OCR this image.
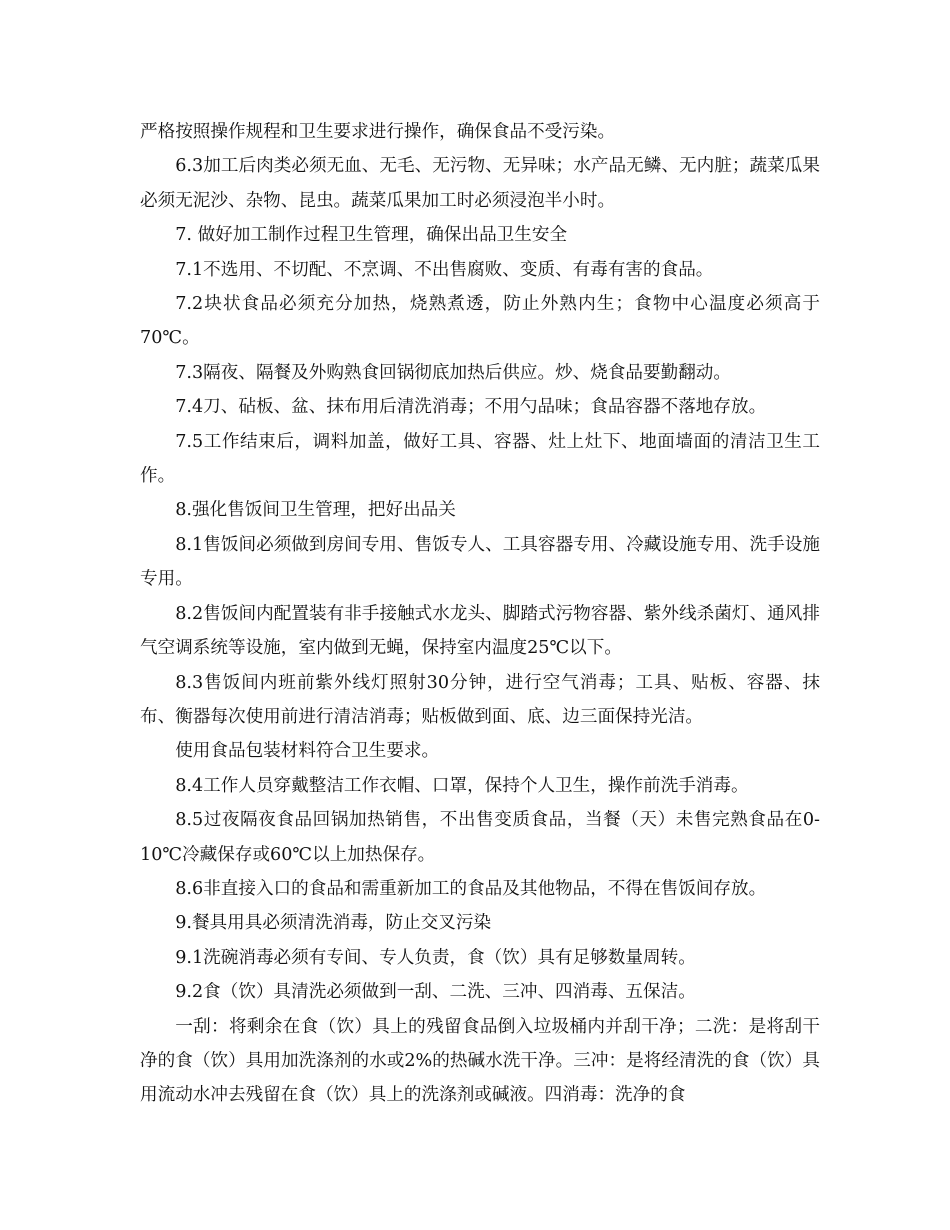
严格按照操作规程和卫生要求进行操作，确保食品不受污染。

6.3加工后肉类必须无血、无毛、无污物、无异味；水产品无鳞、无内脏；蔬菜瓜果必须无泥沙、杂物、昆虫。蔬菜瓜果加工时必须浸泡半小时。

7. 做好加工制作过程卫生管理，确保出品卫生安全

7.1不选用、不切配、不烹调、不出售腐败、变质、有毒有害的食品。

7.2块状食品必须充分加热，烧熟煮透，防止外熟内生；食物中心温度必须高于70℃。

7.3隔夜、隔餐及外购熟食回锅彻底加热后供应。炒、烧食品要勤翻动。

7.4刀、砧板、盆、抹布用后清洗消毒；不用勺品味；食品容器不落地存放。

7.5工作结束后，调料加盖，做好工具、容器、灶上灶下、地面墙面的清洁卫生工作。

8.强化售饭间卫生管理，把好出品关

8.1售饭间必须做到房间专用、售饭专人、工具容器专用、冷藏设施专用、洗手设施专用。

8.2售饭间内配置装有非手接触式水龙头、脚踏式污物容器、紫外线杀菌灯、通风排气空调系统等设施，室内做到无蝇，保持室内温度25℃以下。

8.3售饭间内班前紫外线灯照射30分钟，进行空气消毒；工具、贴板、容器、抹布、衡器每次使用前进行清洁消毒；贴板做到面、底、边三面保持光洁。

使用食品包装材料符合卫生要求。

8.4工作人员穿戴整洁工作衣帽、口罩，保持个人卫生，操作前洗手消毒。

8.5过夜隔夜食品回锅加热销售，不出售变质食品，当餐（天）未售完熟食品在0-10℃冷藏保存或60℃以上加热保存。

8.6非直接入口的食品和需重新加工的食品及其他物品，不得在售饭间存放。

9.餐具用具必须清洗消毒，防止交叉污染

9.1洗碗消毒必须有专间、专人负责，食（饮）具有足够数量周转。

9.2食（饮）具清洗必须做到一刮、二洗、三冲、四消毒、五保洁。

一刮：将剩余在食（饮）具上的残留食品倒入垃圾桶内并刮干净；二洗：是将刮干净的食（饮）具用加洗涤剂的水或2%的热碱水洗干净。三冲：是将经清洗的食（饮）具用流动水冲去残留在食（饮）具上的洗涤剂或碱液。四消毒：洗净的食
